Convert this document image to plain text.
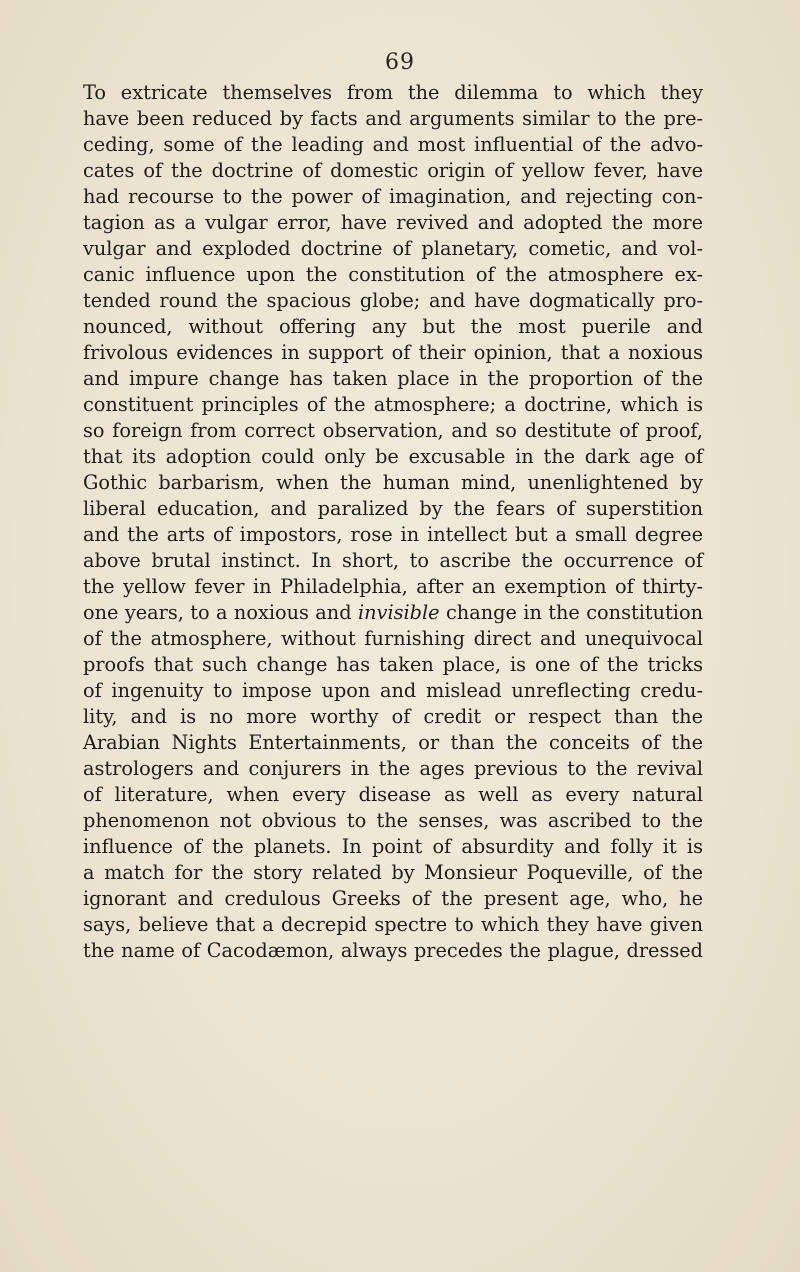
69
To extricate themselves from the dilemma to which they
have been reduced by facts and arguments similar to the pre-
ceding, some of the leading and most influential of the advo-
cates of the doctrine of domestic origin of yellow fever, have
had recourse to the power of imagination, and rejecting con-
tagion as a vulgar error, have revived and adopted the more
vulgar and exploded doctrine of planetary, cometic, and vol-
canic influence upon the constitution of the atmosphere ex-
tended round the spacious globe; and have dogmatically pro-
nounced, without offering any but the most puerile and
frivolous evidences in support of their opinion, that a noxious
and impure change has taken place in the proportion of the
constituent principles of the atmosphere; a doctrine, which is
so foreign from correct observation, and so destitute of proof,
that its adoption could only be excusable in the dark age of
Gothic barbarism, when the human mind, unenlightened by
liberal education, and paralized by the fears of superstition
and the arts of impostors, rose in intellect but a small degree
above brutal instinct. In short, to ascribe the occurrence of
the yellow fever in Philadelphia, after an exemption of thirty-
one years, to a noxious and invisible change in the constitution
of the atmosphere, without furnishing direct and unequivocal
proofs that such change has taken place, is one of the tricks
of ingenuity to impose upon and mislead unreflecting credu-
lity, and is no more worthy of credit or respect than the
Arabian Nights Entertainments, or than the conceits of the
astrologers and conjurers in the ages previous to the revival
of literature, when every disease as well as every natural
phenomenon not obvious to the senses, was ascribed to the
influence of the planets. In point of absurdity and folly it is
a match for the story related by Monsieur Poqueville, of the
ignorant and credulous Greeks of the present age, who, he
says, believe that a decrepid spectre to which they have given
the name of Cacodæmon, always precedes the plague, dressed
